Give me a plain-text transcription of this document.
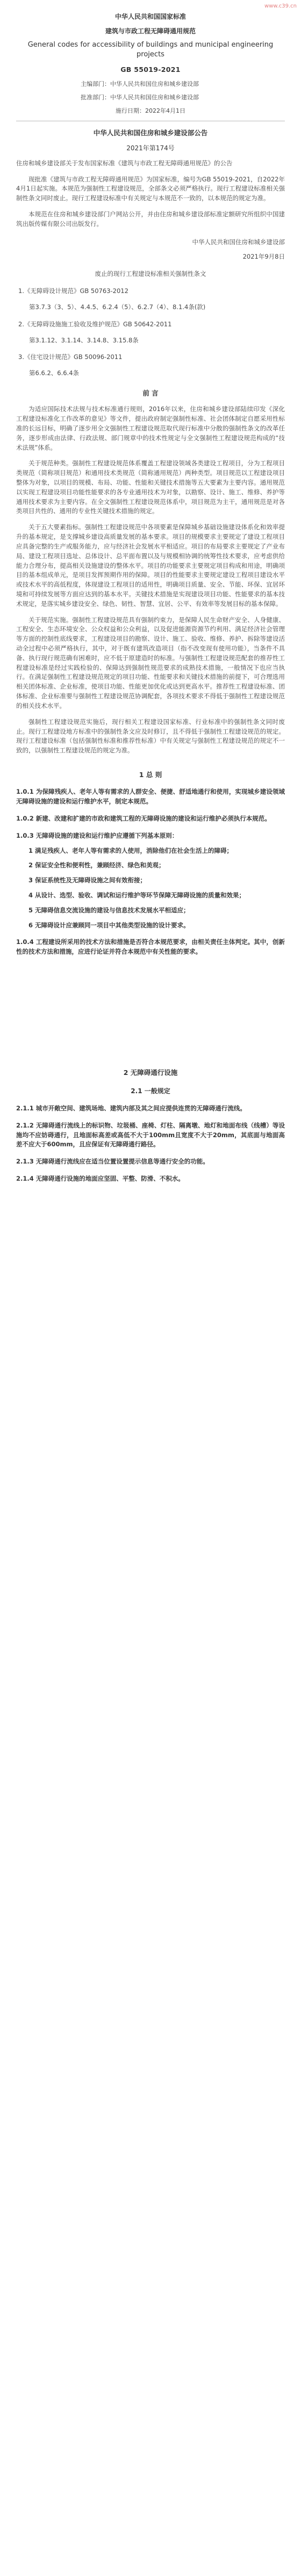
www.c39.cn
中华人民共和国国家标准
建筑与市政工程无障碍通用规范
General codes for accessibility of buildings and municipal engineering projects
GB 55019-2021
主编部门：中华人民共和国住房和城乡建设部
批准部门：中华人民共和国住房和城乡建设部
施行日期：2022年4月1日
中华人民共和国住房和城乡建设部公告
2021年第174号
住房和城乡建设部关于发布国家标准《建筑与市政工程无障碍通用规范》的公告

现批准《建筑与市政工程无障碍通用规范》为国家标准，编号为GB 55019-2021，自2022年4月1日起实施。本规范为强制性工程建设规范，全部条文必须严格执行。现行工程建设标准相关强制性条文同时废止。现行工程建设标准中有关规定与本规范不一致的，以本规范的规定为准。

本规范在住房和城乡建设部门户网站公开，并由住房和城乡建设部标准定额研究所组织中国建筑出版传媒有限公司出版发行。

中华人民共和国住房和城乡建设部
2021年9月8日
废止的现行工程建设标准相关强制性条文
1.《无障碍设计规范》GB 50763-2012
第3.7.3（3、5）、4.4.5、6.2.4（5）、6.2.7（4）、8.1.4条(款)
2.《无障碍设施施工验收及维护规范》GB 50642-2011
第3.1.12、3.1.14、3.14.8、3.15.8条
3.《住宅设计规范》GB 50096-2011
第6.6.2、6.6.4条
前 言

为适应国际技术法规与技术标准通行规则，2016年以来，住房和城乡建设部陆续印发《深化工程建设标准化工作改革的意见》等文件，提出政府制定强制性标准、社会团体制定自愿采用性标准的长远目标，明确了逐步用全文强制性工程建设规范取代现行标准中分散的强制性条文的改革任务，逐步形成由法律、行政法规、部门规章中的技术性规定与全文强制性工程建设规范构成的“技术法规”体系。

关于规范种类。强制性工程建设规范体系覆盖工程建设领域各类建设工程项目，分为工程项目类规范（简称项目规范）和通用技术类规范（简称通用规范）两种类型。项目规范以工程建设项目整体为对象，以项目的规模、布局、功能、性能和关键技术措施等五大要素为主要内容。通用规范以实现工程建设项目功能性能要求的各专业通用技术为对象，以勘察、设计、施工、维修、养护等通用技术要求为主要内容。在全文强制性工程建设规范体系中，项目规范为主干，通用规范是对各类项目共性的、通用的专业性关键技术措施的规定。

关于五大要素指标。强制性工程建设规范中各项要素是保障城乡基础设施建设体系化和效率提升的基本规定，是支撑城乡建设高质量发展的基本要求。项目的规模要求主要规定了建设工程项目应具备完整的生产或服务能力，应与经济社会发展水平相适应。项目的布局要求主要规定了产业布局、建设工程项目选址、总体设计、总平面布置以及与规模相协调的统筹性技术要求，应考虑供给能力合理分布，提高相关设施建设的整体水平。项目的功能要求主要规定项目构成和用途，明确项目的基本组成单元，是项目发挥预期作用的保障。项目的性能要求主要规定建设工程项目建设水平或技术水平的高低程度，体现建设工程项目的适用性，明确项目质量、安全、节能、环保、宜居环境和可持续发展等方面应达到的基本水平。关键技术措施是实现建设项目功能、性能要求的基本技术规定，是落实城乡建设安全、绿色、韧性、智慧、宜居、公平、有效率等发展目标的基本保障。

关于规范实施。强制性工程建设规范具有强制约束力，是保障人民生命财产安全、人身健康、工程安全、生态环境安全、公众权益和公众利益，以及促进能源资源节约利用、满足经济社会管理等方面的控制性底线要求，工程建设项目的勘察、设计、施工、验收、维修、养护、拆除等建设活动全过程中必须严格执行，其中，对于既有建筑改造项目（指不改变现有使用功能），当条件不具备、执行现行规范确有困难时，应不低于原建造时的标准。与强制性工程建设规范配套的推荐性工程建设标准是经过实践检验的、保障达到强制性规范要求的成熟技术措施，一般情况下也应当执行。在满足强制性工程建设规范规定的项目功能、性能要求和关键技术措施的前提下，可合理选用相关团体标准、企业标准，使项目功能、性能更加优化或达到更高水平。推荐性工程建设标准、团体标准、企业标准要与强制性工程建设规范协调配套，各项技术要求不得低于强制性工程建设规范的相关技术水平。

强制性工程建设规范实施后，现行相关工程建设国家标准、行业标准中的强制性条文同时废止。现行工程建设地方标准中的强制性条文应及时修订，且不得低于强制性工程建设规范的规定。现行工程建设标准（包括强制性标准和推荐性标准）中有关规定与强制性工程建设规范的规定不一致的，以强制性工程建设规范的规定为准。

1 总 则
1.0.1 为保障残疾人、老年人等有需求的人群安全、便捷、舒适地通行和使用，实现城乡建设领域无障碍设施的建设和运行维护水平，制定本规范。
1.0.2 新建、改建和扩建的市政和建筑工程的无障碍设施的建设和运行维护必须执行本规范。
1.0.3 无障碍设施的建设和运行维护应遵循下列基本原则：
1 满足残疾人、老年人等有需求的人使用，消除他们在社会生活上的障碍；
2 保证安全性和便利性，兼顾经济、绿色和美观；
3 保证系统性及无障碍设施之间有效衔接；
4 从设计、选型、验收、调试和运行维护等环节保障无障碍设施的质量和效果；
5 无障碍信息交流设施的建设与信息技术发展水平相适应；
6 无障碍设计应兼顾同一项目中其他类型设施的设计要求。
1.0.4 工程建设所采用的技术方法和措施是否符合本规范要求，由相关责任主体判定。其中，创新性的技术方法和措施，应进行论证并符合本规范中有关性能的要求。
2 无障碍通行设施
2.1 一般规定
2.1.1 城市开敞空间、建筑场地、建筑内部及其之间应提供连贯的无障碍通行流线。
2.1.2 无障碍通行流线上的标识物、垃圾桶、座椅、灯柱、隔离墩、地灯和地面布线（线槽）等设施均不应妨碍通行，且地面标高差或高低不大于100mm且宽度不大于20mm，其底面与地面高差不应大于600mm，且应保证有无障碍通行路径。
2.1.3 无障碍通行流线应在适当位置设置提示信息等通行安全的功能。
2.1.4 无障碍通行设施的地面应坚固、平整、防滑、不积水。
